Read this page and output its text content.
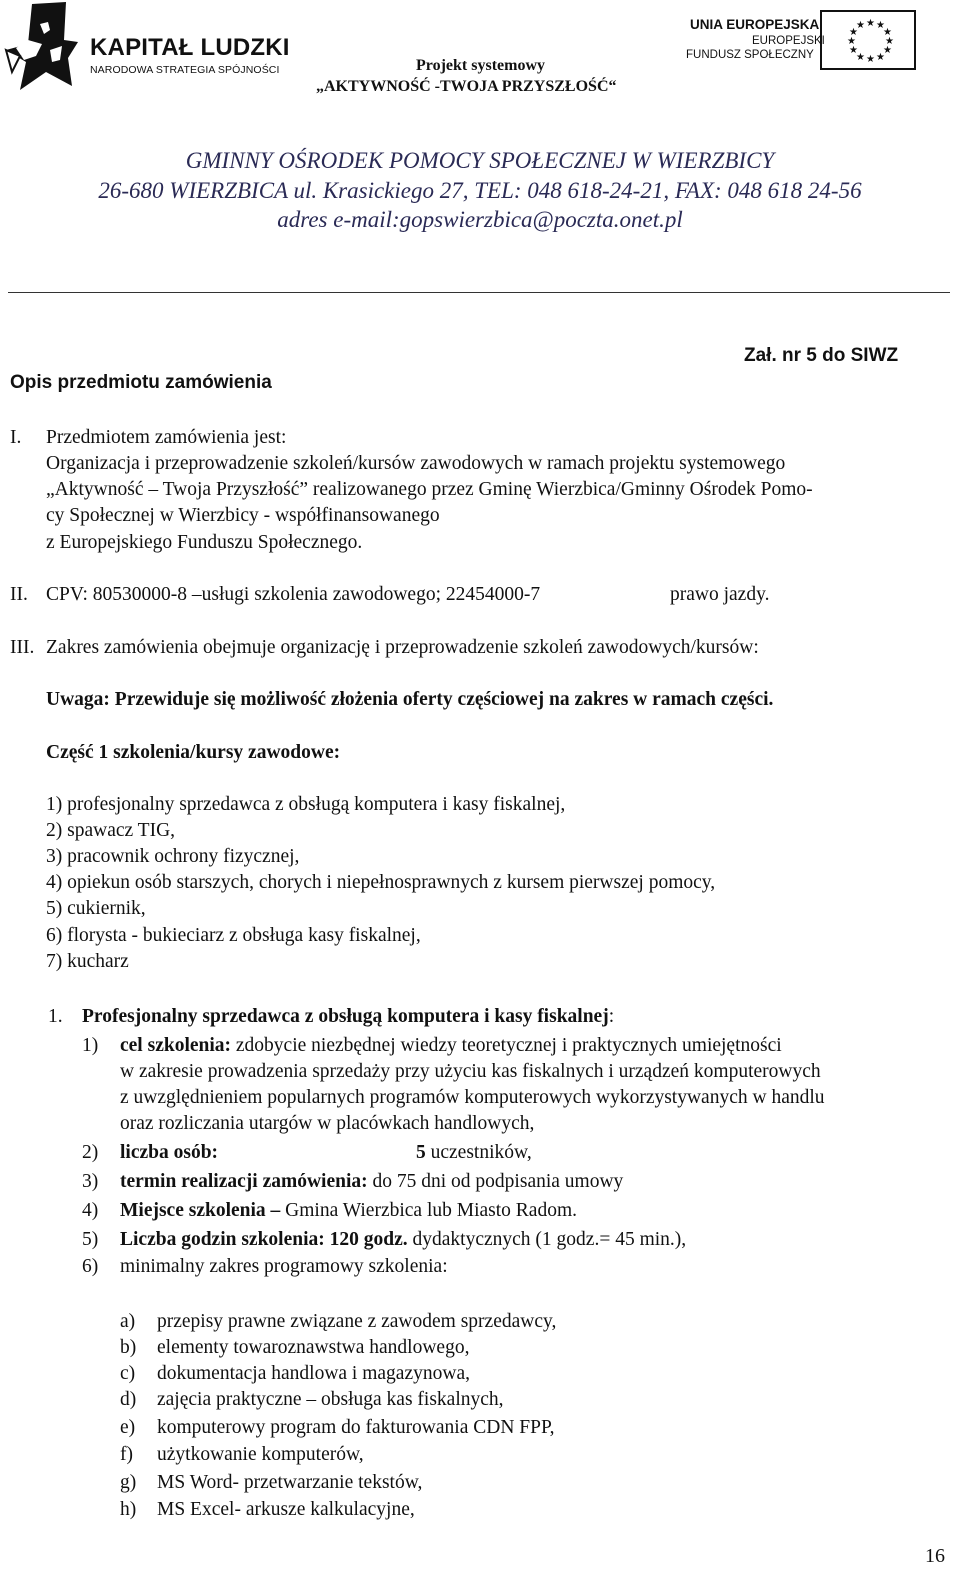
KAPITAŁ LUDZKI
NARODOWA STRATEGIA SPÓJNOŚCI
UNIA EUROPEJSKA
EUROPEJSKI
FUNDUSZ SPOŁECZNY
★ ★
★
★
★
★
★
★
★
★
★
★
Projekt systemowy
„AKTYWNOŚĆ -TWOJA PRZYSZŁOŚĆ“
GMINNY OŚRODEK POMOCY SPOŁECZNEJ W WIERZBICY
26-680 WIERZBICA ul. Krasickiego 27, TEL: 048 618-24-21, FAX: 048 618 24-56
adres e-mail:gopswierzbica@poczta.onet.pl
Zał. nr 5 do SIWZ
Opis przedmiotu zamówienia
I. Przedmiotem zamówienia jest:
Organizacja i przeprowadzenie szkoleń/kursów zawodowych w ramach projektu systemowego
„Aktywność – Twoja Przyszłość” realizowanego przez Gminę Wierzbica/Gminny Ośrodek Pomo-
cy Społecznej w Wierzbicy - współfinansowanego
z Europejskiego Funduszu Społecznego.
II. CPV: 80530000-8 –usługi szkolenia zawodowego; 22454000-7	prawo jazdy.
III. Zakres zamówienia obejmuje organizację i przeprowadzenie szkoleń zawodowych/kursów:
Uwaga: Przewiduje się możliwość złożenia oferty częściowej na zakres w ramach części.
Część 1 szkolenia/kursy zawodowe:
1) profesjonalny sprzedawca z obsługą komputera i kasy fiskalnej,
2) spawacz TIG,
3) pracownik ochrony fizycznej,
4) opiekun osób starszych, chorych i niepełnosprawnych z kursem pierwszej pomocy,
5) cukiernik,
6) florysta - bukieciarz z obsługa kasy fiskalnej,
7) kucharz
1. Profesjonalny sprzedawca z obsługą komputera i kasy fiskalnej:
1) cel szkolenia: zdobycie niezbędnej wiedzy teoretycznej i praktycznych umiejętności
w zakresie prowadzenia sprzedaży przy użyciu kas fiskalnych i urządzeń komputerowych
z uwzględnieniem popularnych programów komputerowych wykorzystywanych w handlu
oraz rozliczania utargów w placówkach handlowych,
2) liczba osób:	5 uczestników,
3) termin realizacji zamówienia: do 75 dni od podpisania umowy
4) Miejsce szkolenia – Gmina Wierzbica lub Miasto Radom.
5) Liczba godzin szkolenia: 120 godz. dydaktycznych (1 godz.= 45 min.),
6) minimalny zakres programowy szkolenia:
a) przepisy prawne związane z zawodem sprzedawcy,
b) elementy towaroznawstwa handlowego,
c) dokumentacja handlowa i magazynowa,
d) zajęcia praktyczne – obsługa kas fiskalnych,
e) komputerowy program do fakturowania CDN FPP,
f) użytkowanie komputerów,
g) MS Word- przetwarzanie tekstów,
h) MS Excel- arkusze kalkulacyjne,
16
